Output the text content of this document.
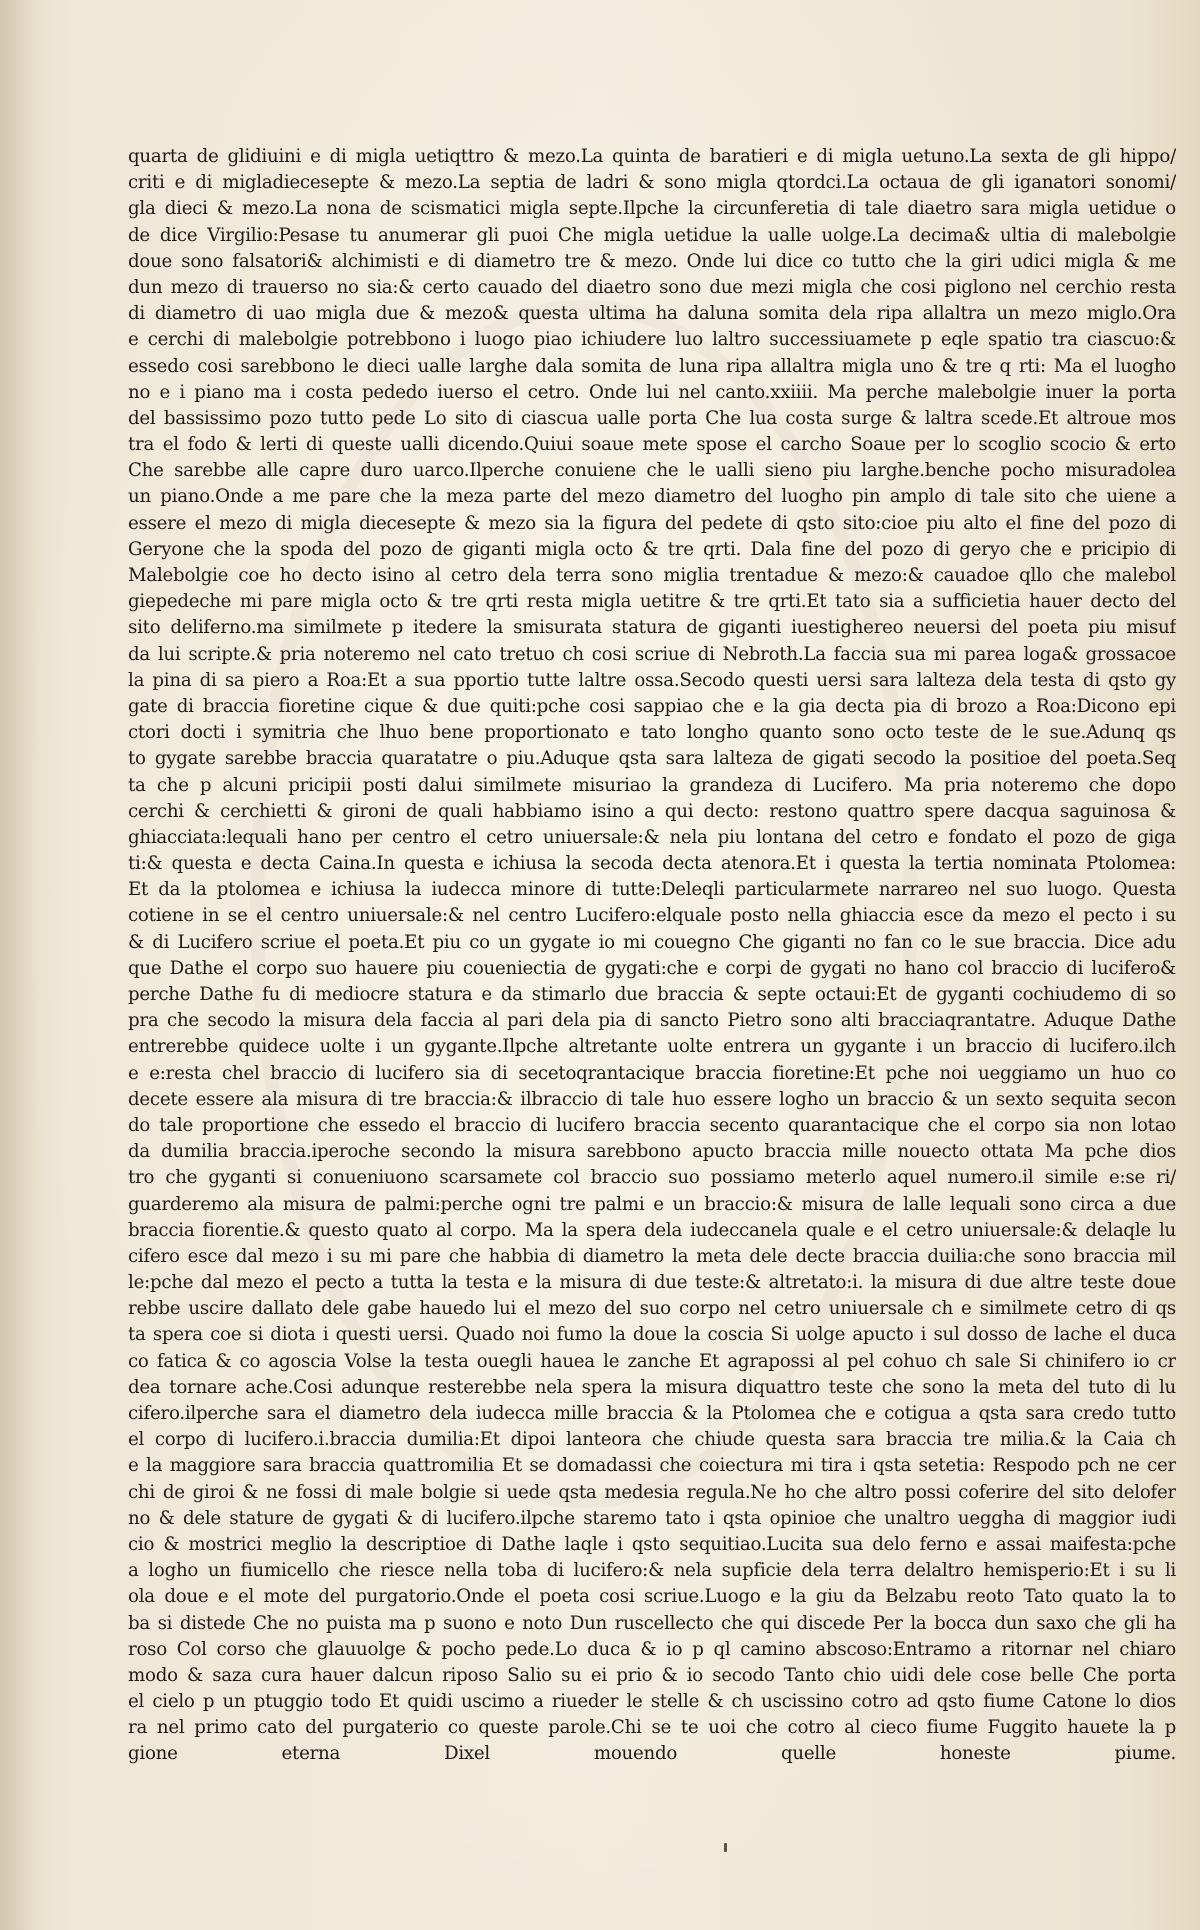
quarta de glidiuini e di migla uetiqttro & mezo.La quinta de baratieri e di migla uetuno.La sexta de gli hippo/
criti e di migladiecesepte & mezo.La septia de ladri & sono migla qtordci.La octaua de gli iganatori sonomi/
gla dieci & mezo.La nona de scismatici migla septe.Ilpche la circunferetia di tale diaetro sara migla uetidue o
de dice Virgilio:Pesase tu anumerar gli puoi Che migla uetidue la ualle uolge.La decima& ultia di malebolgie
doue sono falsatori& alchimisti e di diametro tre & mezo. Onde lui dice co tutto che la giri udici migla & me
dun mezo di trauerso no sia:& certo cauado del diaetro sono due mezi migla che cosi piglono nel cerchio resta
di diametro di uao migla due & mezo& questa ultima ha daluna somita dela ripa allaltra un mezo miglo.Ora
e cerchi di malebolgie potrebbono i luogo piao ichiudere luo laltro successiuamete p eqle spatio tra ciascuo:&
essedo cosi sarebbono le dieci ualle larghe dala somita de luna ripa allaltra migla uno & tre q rti: Ma el luogho
no e i piano ma i costa pededo iuerso el cetro. Onde lui nel canto.xxiiii. Ma perche malebolgie inuer la porta
del bassissimo pozo tutto pede Lo sito di ciascua ualle porta Che lua costa surge & laltra scede.Et altroue mos
tra el fodo & lerti di queste ualli dicendo.Quiui soaue mete spose el carcho Soaue per lo scoglio scocio & erto
Che sarebbe alle capre duro uarco.Ilperche conuiene che le ualli sieno piu larghe.benche pocho misuradolea
un piano.Onde a me pare che la meza parte del mezo diametro del luogho pin amplo di tale sito che uiene a
essere el mezo di migla diecesepte & mezo sia la figura del pedete di qsto sito:cioe piu alto el fine del pozo di
Geryone che la spoda del pozo de giganti migla octo & tre qrti. Dala fine del pozo di geryo che e pricipio di
Malebolgie coe ho decto isino al cetro dela terra sono miglia trentadue & mezo:& cauadoe qllo che malebol
giepedeche mi pare migla octo & tre qrti resta migla uetitre & tre qrti.Et tato sia a sufficietia hauer decto del
sito deliferno.ma similmete p itedere la smisurata statura de giganti iuestighereo neuersi del poeta piu misuf
da lui scripte.& pria noteremo nel cato tretuo ch cosi scriue di Nebroth.La faccia sua mi parea loga& grossacoe
la pina di sa piero a Roa:Et a sua pportio tutte laltre ossa.Secodo questi uersi sara lalteza dela testa di qsto gy
gate di braccia fioretine cique & due quiti:pche cosi sappiao che e la gia decta pia di brozo a Roa:Dicono epi
ctori docti i symitria che lhuo bene proportionato e tato longho quanto sono octo teste de le sue.Adunq qs
to gygate sarebbe braccia quaratatre o piu.Aduque qsta sara lalteza de gigati secodo la positioe del poeta.Seq
ta che p alcuni pricipii posti dalui similmete misuriao la grandeza di Lucifero. Ma pria noteremo che dopo
cerchi & cerchietti & gironi de quali habbiamo isino a qui decto: restono quattro spere dacqua saguinosa &
ghiacciata:lequali hano per centro el cetro uniuersale:& nela piu lontana del cetro e fondato el pozo de giga
ti:& questa e decta Caina.In questa e ichiusa la secoda decta atenora.Et i questa la tertia nominata Ptolomea:
Et da la ptolomea e ichiusa la iudecca minore di tutte:Deleqli particularmete narrareo nel suo luogo. Questa
cotiene in se el centro uniuersale:& nel centro Lucifero:elquale posto nella ghiaccia esce da mezo el pecto i su
& di Lucifero scriue el poeta.Et piu co un gygate io mi couegno Che giganti no fan co le sue braccia. Dice adu
que Dathe el corpo suo hauere piu coueniectia de gygati:che e corpi de gygati no hano col braccio di lucifero&
perche Dathe fu di mediocre statura e da stimarlo due braccia & septe octaui:Et de gyganti cochiudemo di so
pra che secodo la misura dela faccia al pari dela pia di sancto Pietro sono alti bracciaqrantatre. Aduque Dathe
entrerebbe quidece uolte i un gygante.Ilpche altretante uolte entrera un gygante i un braccio di lucifero.ilch
e e:resta chel braccio di lucifero sia di secetoqrantacique braccia fioretine:Et pche noi ueggiamo un huo co
decete essere ala misura di tre braccia:& ilbraccio di tale huo essere logho un braccio & un sexto sequita secon
do tale proportione che essedo el braccio di lucifero braccia secento quarantacique che el corpo sia non lotao
da dumilia braccia.iperoche secondo la misura sarebbono apucto braccia mille nouecto ottata Ma pche dios
tro che gyganti si conueniuono scarsamete col braccio suo possiamo meterlo aquel numero.il simile e:se ri/
guarderemo ala misura de palmi:perche ogni tre palmi e un braccio:& misura de lalle lequali sono circa a due
braccia fiorentie.& questo quato al corpo. Ma la spera dela iudeccanela quale e el cetro uniuersale:& delaqle lu
cifero esce dal mezo i su mi pare che habbia di diametro la meta dele decte braccia duilia:che sono braccia mil
le:pche dal mezo el pecto a tutta la testa e la misura di due teste:& altretato:i. la misura di due altre teste doue
rebbe uscire dallato dele gabe hauedo lui el mezo del suo corpo nel cetro uniuersale ch e similmete cetro di qs
ta spera coe si diota i questi uersi. Quado noi fumo la doue la coscia Si uolge apucto i sul dosso de lache el duca
co fatica & co agoscia Volse la testa ouegli hauea le zanche Et agrapossi al pel cohuo ch sale Si chinifero io cr
dea tornare ache.Cosi adunque resterebbe nela spera la misura diquattro teste che sono la meta del tuto di lu
cifero.ilperche sara el diametro dela iudecca mille braccia & la Ptolomea che e cotigua a qsta sara credo tutto
el corpo di lucifero.i.braccia dumilia:Et dipoi lanteora che chiude questa sara braccia tre milia.& la Caia ch
e la maggiore sara braccia quattromilia Et se domadassi che coiectura mi tira i qsta setetia: Respodo pch ne cer
chi de giroi & ne fossi di male bolgie si uede qsta medesia regula.Ne ho che altro possi coferire del sito delofer
no & dele stature de gygati & di lucifero.ilpche staremo tato i qsta opinioe che unaltro ueggha di maggior iudi
cio & mostrici meglio la descriptioe di Dathe laqle i qsto sequitiao.Lucita sua delo ferno e assai maifesta:pche
a logho un fiumicello che riesce nella toba di lucifero:& nela supficie dela terra delaltro hemisperio:Et i su li
ola doue e el mote del purgatorio.Onde el poeta cosi scriue.Luogo e la giu da Belzabu reoto Tato quato la to
ba si distede Che no puista ma p suono e noto Dun ruscellecto che qui discede Per la bocca dun saxo che gli ha
roso Col corso che glauuolge & pocho pede.Lo duca & io p ql camino abscoso:Entramo a ritornar nel chiaro
modo & saza cura hauer dalcun riposo Salio su ei prio & io secodo Tanto chio uidi dele cose belle Che porta
el cielo p un ptuggio todo Et quidi uscimo a riueder le stelle & ch uscissino cotro ad qsto fiume Catone lo dios
ra nel primo cato del purgaterio co queste parole.Chi se te uoi che cotro al cieco fiume Fuggito hauete la p
gione eterna Dixel mouendo quelle honeste piume.
